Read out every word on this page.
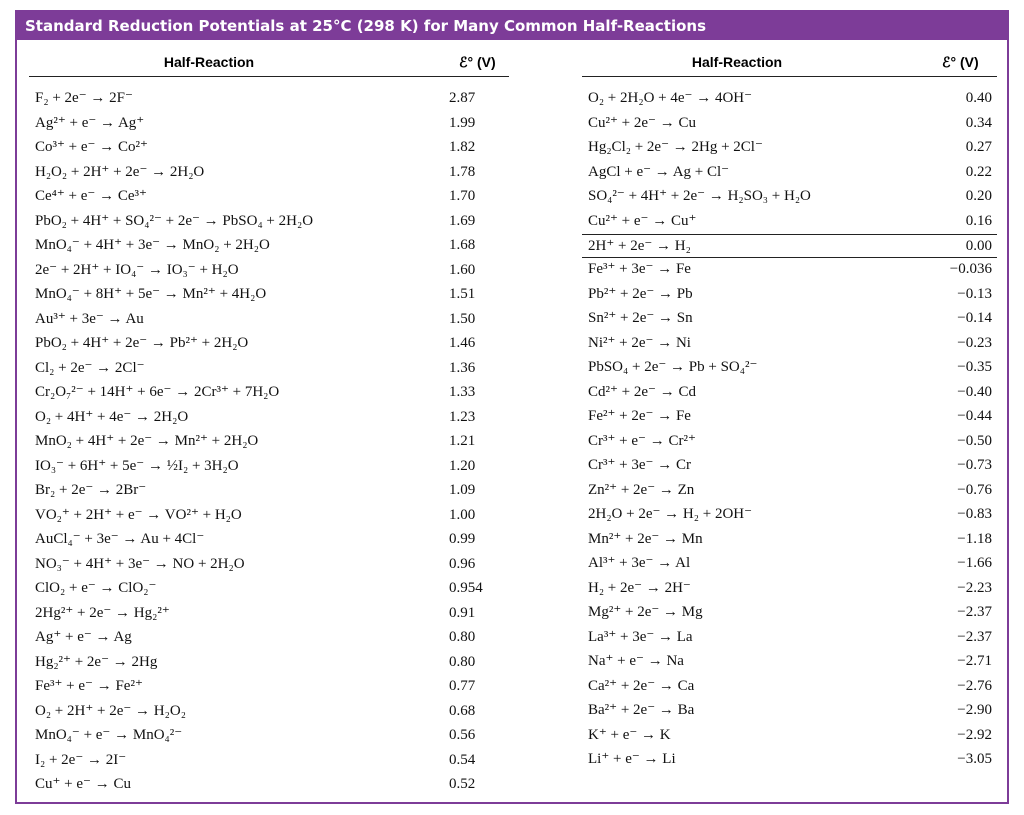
Standard Reduction Potentials at 25°C (298 K) for Many Common Half-Reactions
Half-Reaction	ℰ° (V)
F₂ + 2e⁻ → 2F⁻	2.87
Ag²⁺ + e⁻ → Ag⁺	1.99
Co³⁺ + e⁻ → Co²⁺	1.82
H₂O₂ + 2H⁺ + 2e⁻ → 2H₂O	1.78
Ce⁴⁺ + e⁻ → Ce³⁺	1.70
PbO₂ + 4H⁺ + SO₄²⁻ + 2e⁻ → PbSO₄ + 2H₂O	1.69
MnO₄⁻ + 4H⁺ + 3e⁻ → MnO₂ + 2H₂O	1.68
2e⁻ + 2H⁺ + IO₄⁻ → IO₃⁻ + H₂O	1.60
MnO₄⁻ + 8H⁺ + 5e⁻ → Mn²⁺ + 4H₂O	1.51
Au³⁺ + 3e⁻ → Au	1.50
PbO₂ + 4H⁺ + 2e⁻ → Pb²⁺ + 2H₂O	1.46
Cl₂ + 2e⁻ → 2Cl⁻	1.36
Cr₂O₇²⁻ + 14H⁺ + 6e⁻ → 2Cr³⁺ + 7H₂O	1.33
O₂ + 4H⁺ + 4e⁻ → 2H₂O	1.23
MnO₂ + 4H⁺ + 2e⁻ → Mn²⁺ + 2H₂O	1.21
IO₃⁻ + 6H⁺ + 5e⁻ → ½I₂ + 3H₂O	1.20
Br₂ + 2e⁻ → 2Br⁻	1.09
VO₂⁺ + 2H⁺ + e⁻ → VO²⁺ + H₂O	1.00
AuCl₄⁻ + 3e⁻ → Au + 4Cl⁻	0.99
NO₃⁻ + 4H⁺ + 3e⁻ → NO + 2H₂O	0.96
ClO₂ + e⁻ → ClO₂⁻	0.954
2Hg²⁺ + 2e⁻ → Hg₂²⁺	0.91
Ag⁺ + e⁻ → Ag	0.80
Hg₂²⁺ + 2e⁻ → 2Hg	0.80
Fe³⁺ + e⁻ → Fe²⁺	0.77
O₂ + 2H⁺ + 2e⁻ → H₂O₂	0.68
MnO₄⁻ + e⁻ → MnO₄²⁻	0.56
I₂ + 2e⁻ → 2I⁻	0.54
Cu⁺ + e⁻ → Cu	0.52
Half-Reaction	ℰ° (V)
O₂ + 2H₂O + 4e⁻ → 4OH⁻	0.40
Cu²⁺ + 2e⁻ → Cu	0.34
Hg₂Cl₂ + 2e⁻ → 2Hg + 2Cl⁻	0.27
AgCl + e⁻ → Ag + Cl⁻	0.22
SO₄²⁻ + 4H⁺ + 2e⁻ → H₂SO₃ + H₂O	0.20
Cu²⁺ + e⁻ → Cu⁺	0.16
2H⁺ + 2e⁻ → H₂	0.00
Fe³⁺ + 3e⁻ → Fe	−0.036
Pb²⁺ + 2e⁻ → Pb	−0.13
Sn²⁺ + 2e⁻ → Sn	−0.14
Ni²⁺ + 2e⁻ → Ni	−0.23
PbSO₄ + 2e⁻ → Pb + SO₄²⁻	−0.35
Cd²⁺ + 2e⁻ → Cd	−0.40
Fe²⁺ + 2e⁻ → Fe	−0.44
Cr³⁺ + e⁻ → Cr²⁺	−0.50
Cr³⁺ + 3e⁻ → Cr	−0.73
Zn²⁺ + 2e⁻ → Zn	−0.76
2H₂O + 2e⁻ → H₂ + 2OH⁻	−0.83
Mn²⁺ + 2e⁻ → Mn	−1.18
Al³⁺ + 3e⁻ → Al	−1.66
H₂ + 2e⁻ → 2H⁻	−2.23
Mg²⁺ + 2e⁻ → Mg	−2.37
La³⁺ + 3e⁻ → La	−2.37
Na⁺ + e⁻ → Na	−2.71
Ca²⁺ + 2e⁻ → Ca	−2.76
Ba²⁺ + 2e⁻ → Ba	−2.90
K⁺ + e⁻ → K	−2.92
Li⁺ + e⁻ → Li	−3.05
